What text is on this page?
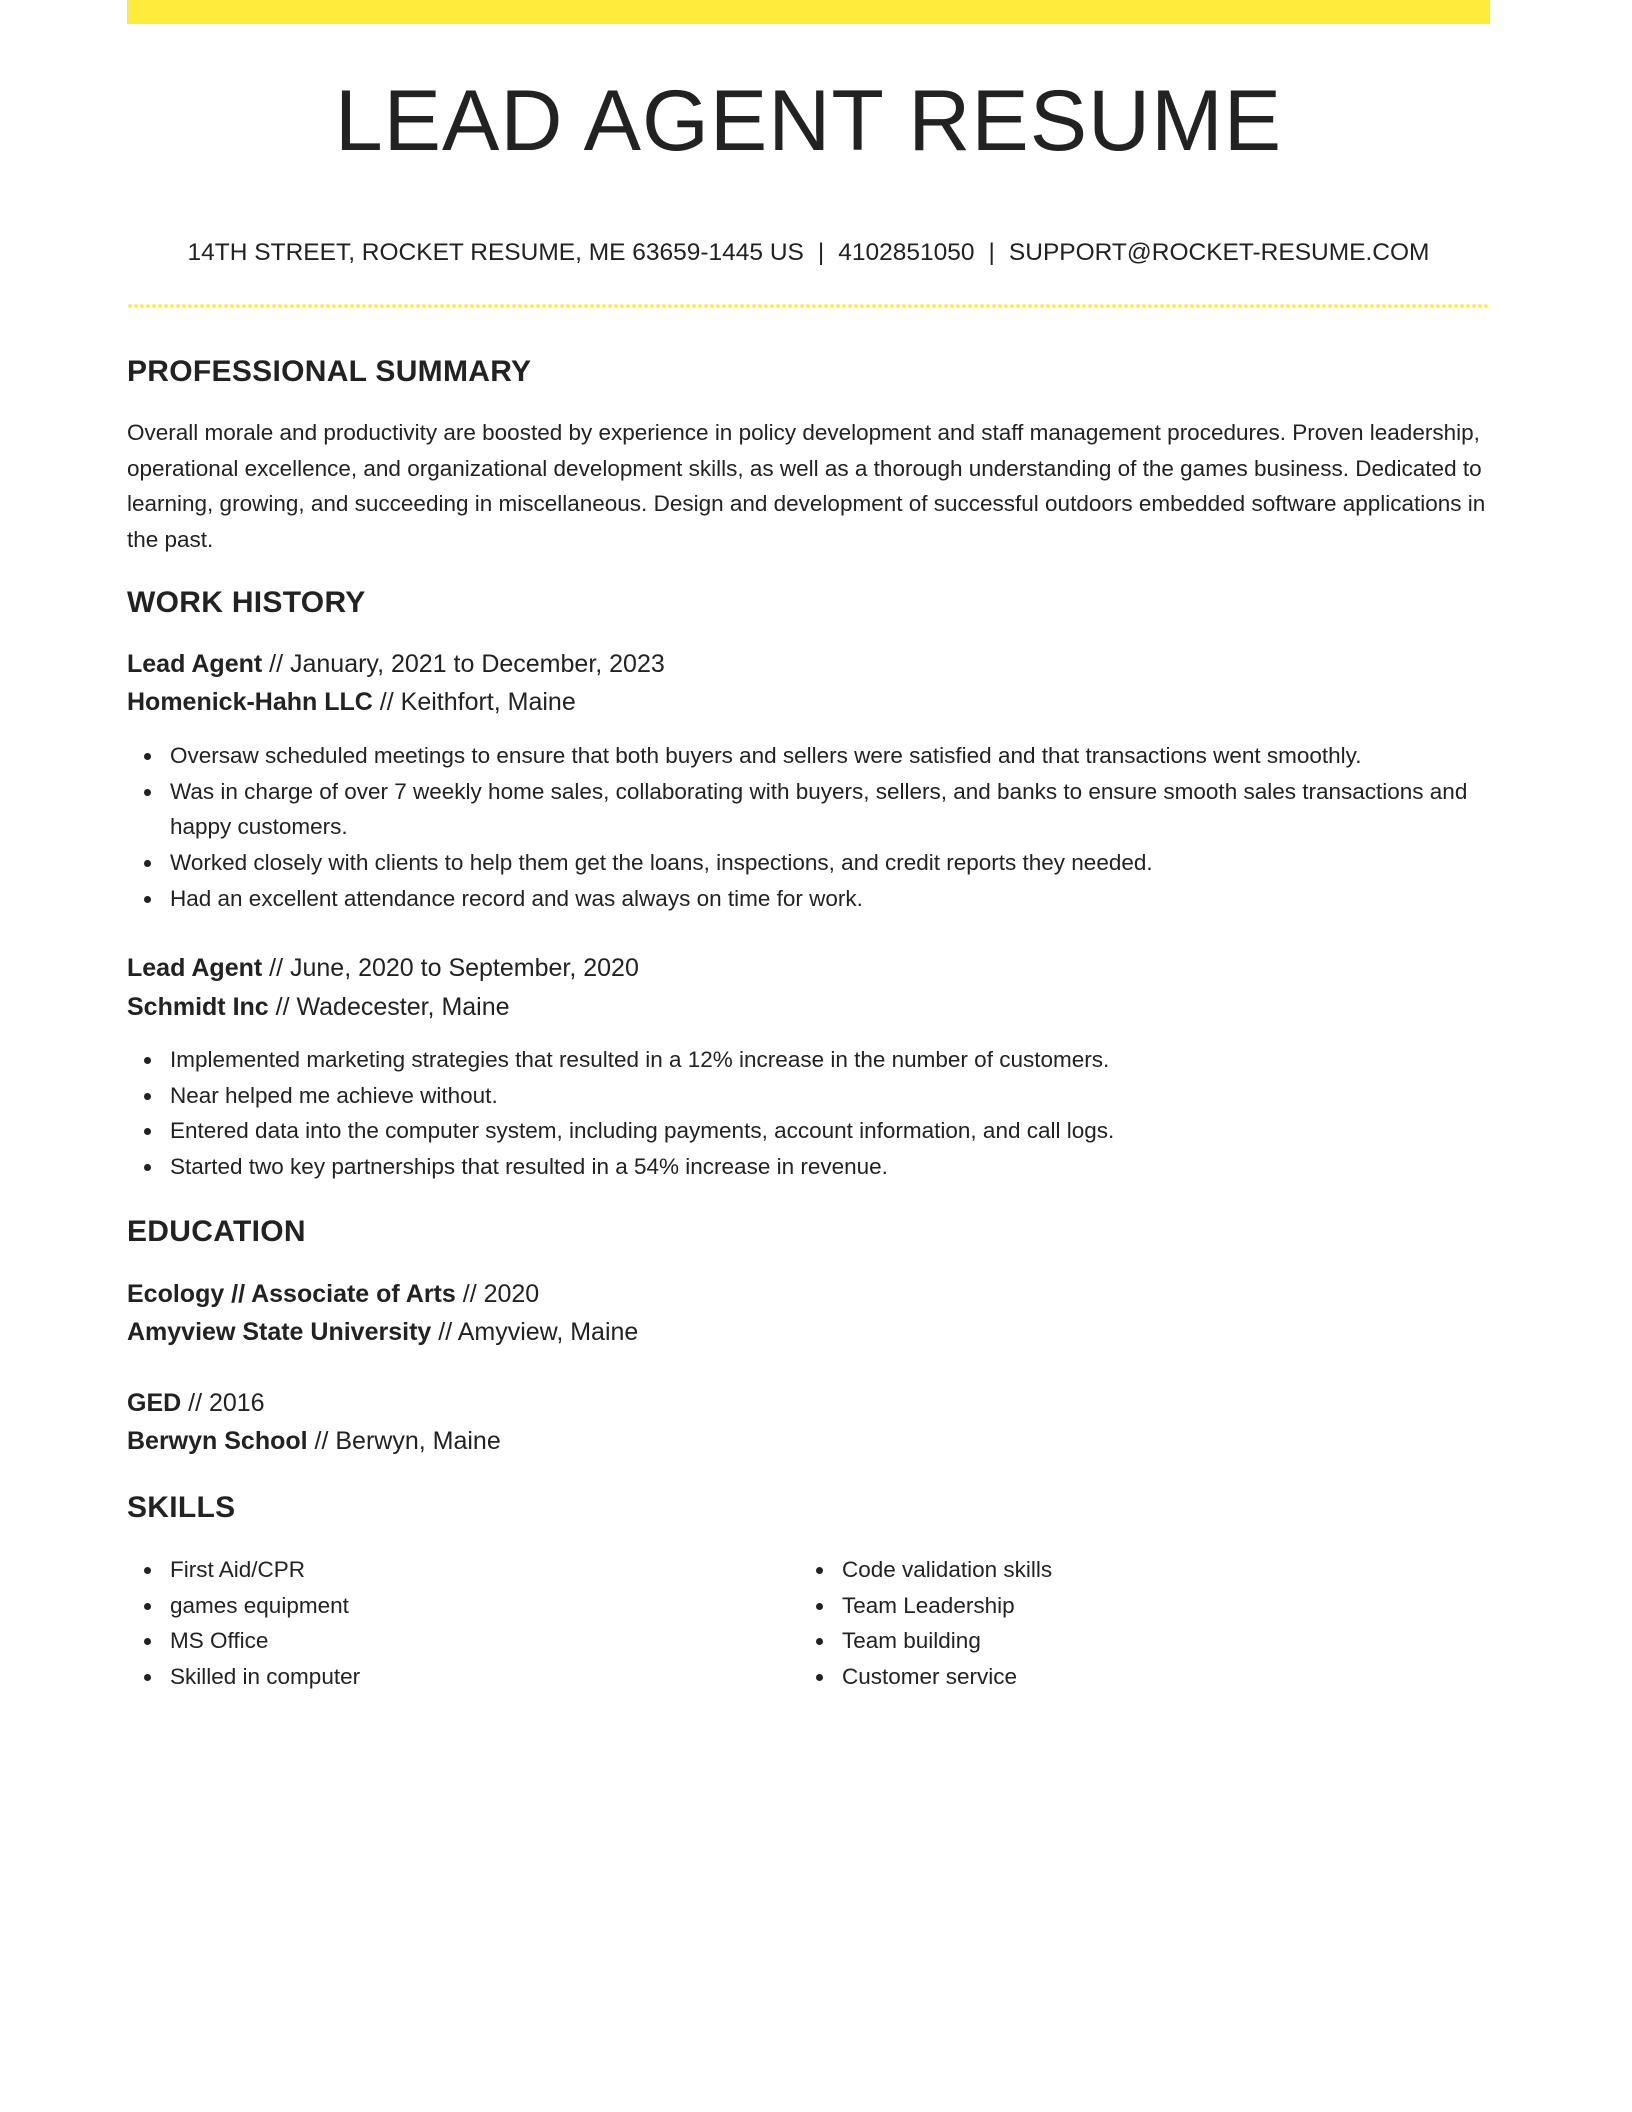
LEAD AGENT RESUME
14TH STREET, ROCKET RESUME, ME 63659-1445 US | 4102851050 | SUPPORT@ROCKET-RESUME.COM
PROFESSIONAL SUMMARY

Overall morale and productivity are boosted by experience in policy development and staff management procedures. Proven leadership, operational excellence, and organizational development skills, as well as a thorough understanding of the games business. Dedicated to learning, growing, and succeeding in miscellaneous. Design and development of successful outdoors embedded software applications in the past.

WORK HISTORY
Lead Agent // January, 2021 to December, 2023
Homenick-Hahn LLC // Keithfort, Maine
Oversaw scheduled meetings to ensure that both buyers and sellers were satisfied and that transactions went smoothly.
Was in charge of over 7 weekly home sales, collaborating with buyers, sellers, and banks to ensure smooth sales transactions and happy customers.
Worked closely with clients to help them get the loans, inspections, and credit reports they needed.
Had an excellent attendance record and was always on time for work.
Lead Agent // June, 2020 to September, 2020
Schmidt Inc // Wadecester, Maine
Implemented marketing strategies that resulted in a 12% increase in the number of customers.
Near helped me achieve without.
Entered data into the computer system, including payments, account information, and call logs.
Started two key partnerships that resulted in a 54% increase in revenue.
EDUCATION
Ecology // Associate of Arts // 2020
Amyview State University // Amyview, Maine
GED // 2016
Berwyn School // Berwyn, Maine
SKILLS
First Aid/CPR
games equipment
MS Office
Skilled in computer
Code validation skills
Team Leadership
Team building
Customer service
